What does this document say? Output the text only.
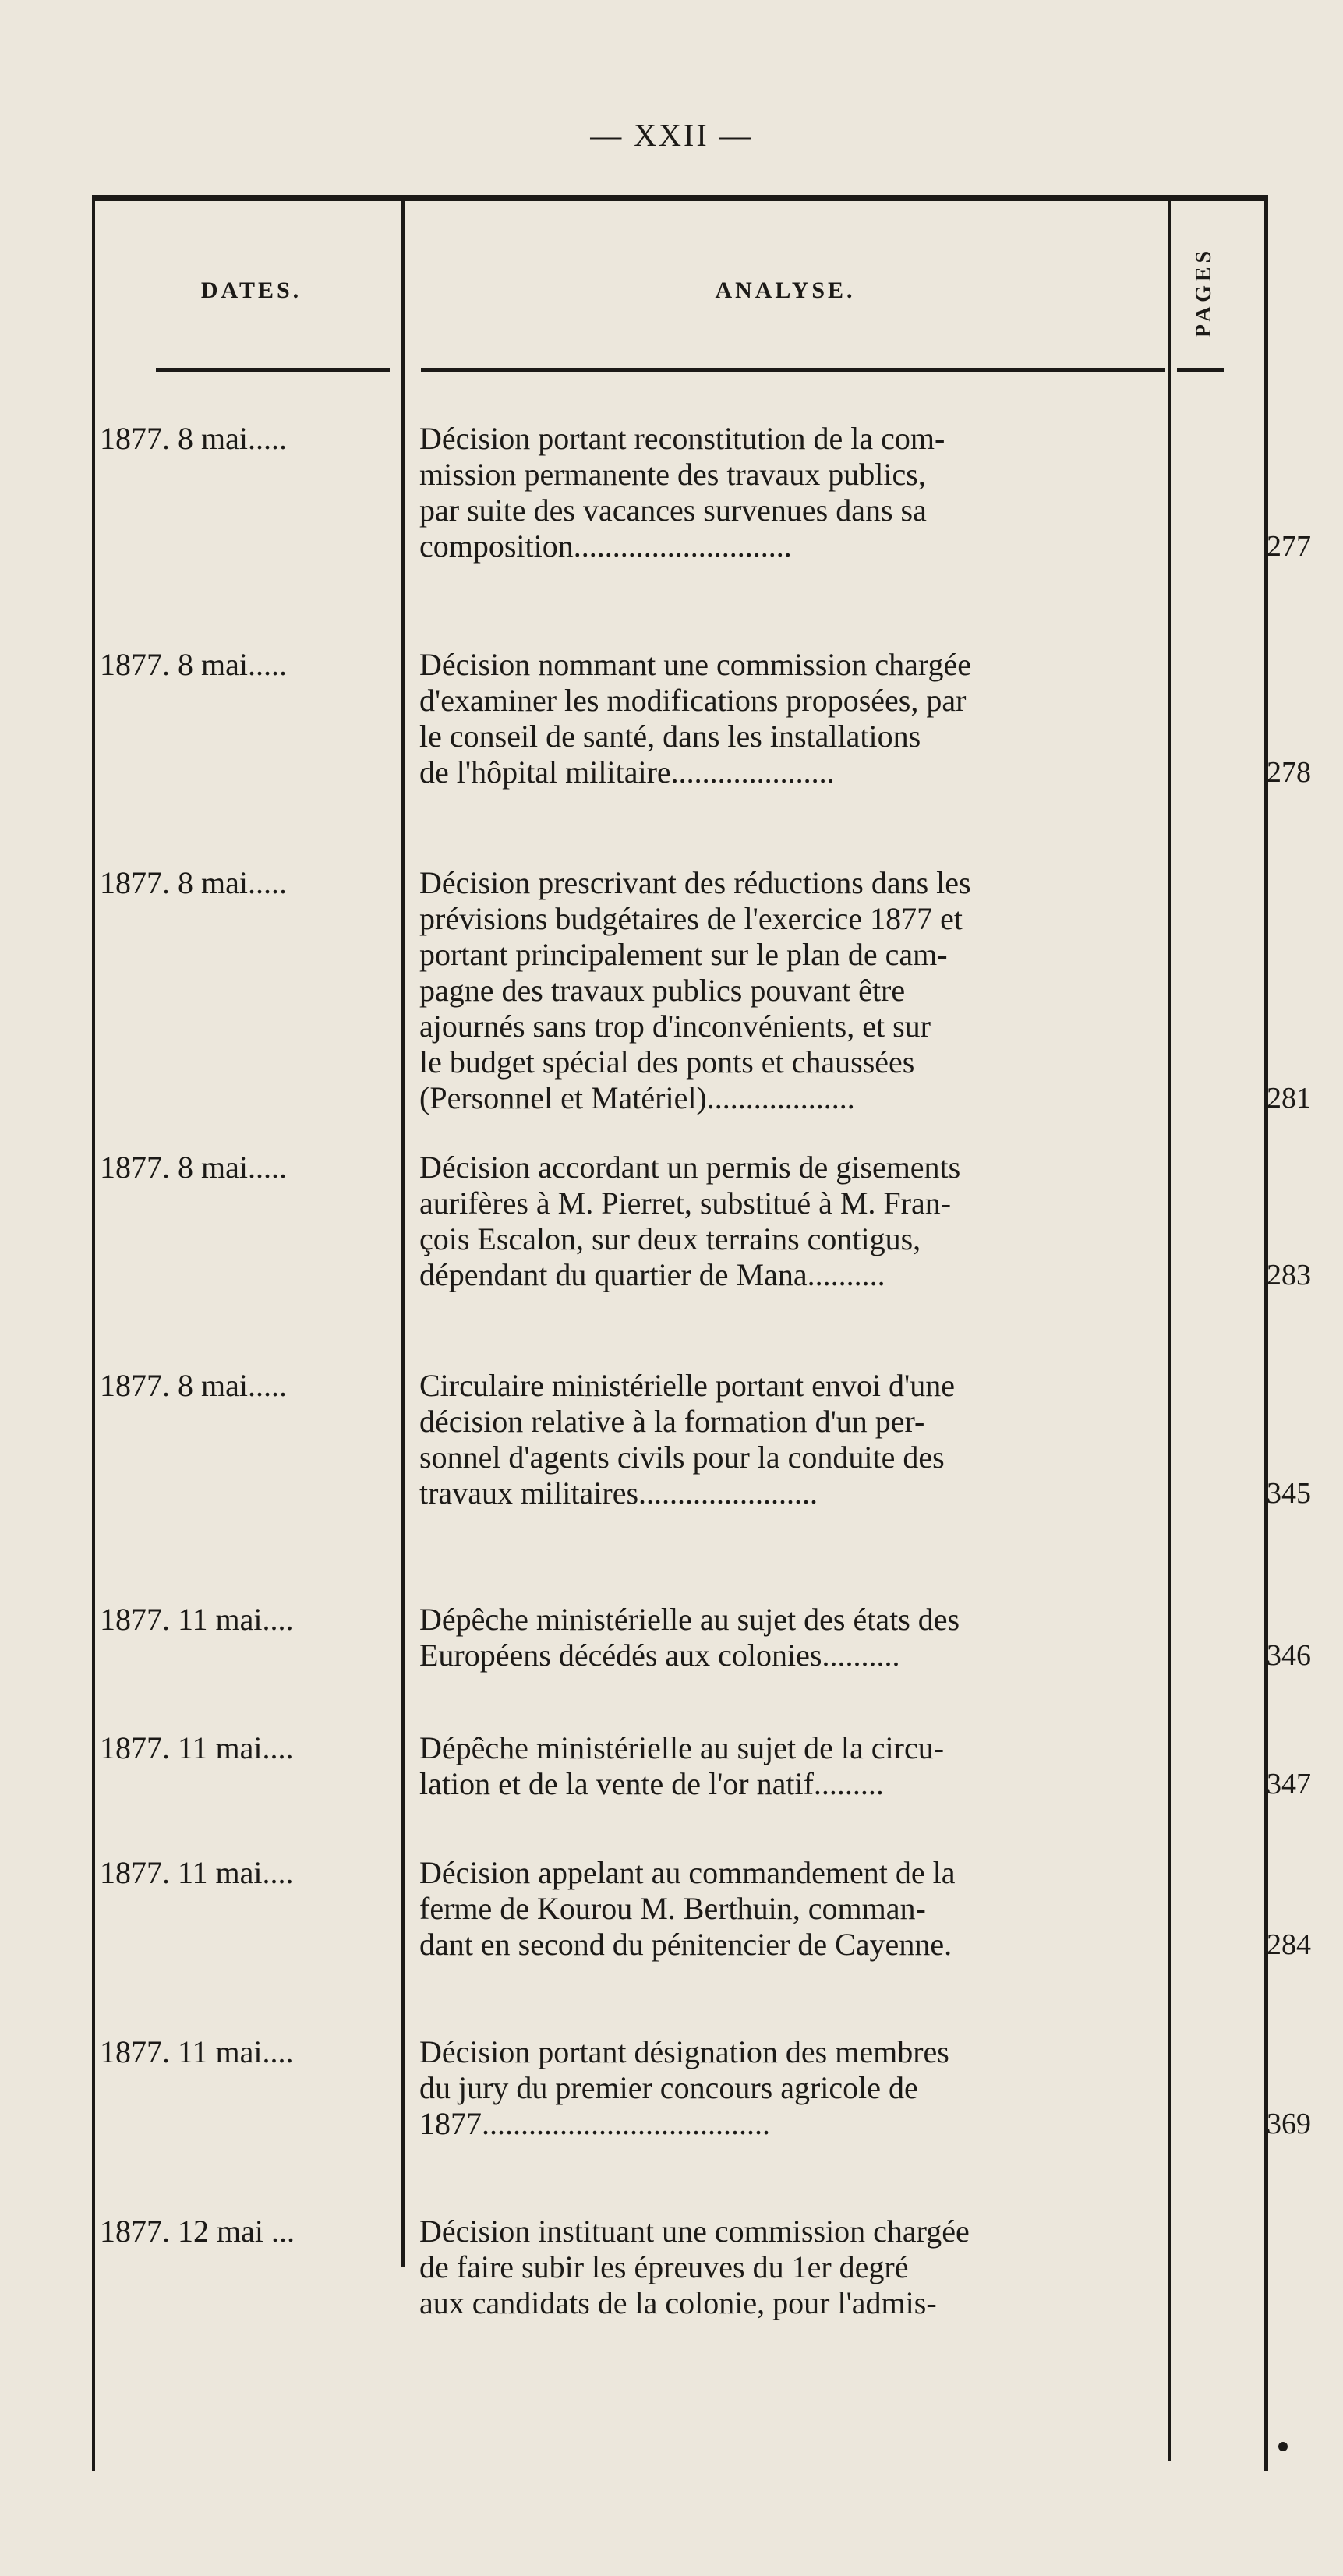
— XXII —
DATES.	ANALYSE.	PAGES
1877. 8 mai.....	Décision portant reconstitution de la com-
mission permanente des travaux publics,
par suite des vacances survenues dans sa
composition............................	277
1877. 8 mai.....	Décision nommant une commission chargée
d'examiner les modifications proposées, par
le conseil de santé, dans les installations
de l'hôpital militaire.....................	278
1877. 8 mai.....	Décision prescrivant des réductions dans les
prévisions budgétaires de l'exercice 1877 et
portant principalement sur le plan de cam-
pagne des travaux publics pouvant être
ajournés sans trop d'inconvénients, et sur
le budget spécial des ponts et chaussées
(Personnel et Matériel)...................	281
1877. 8 mai.....	Décision accordant un permis de gisements
aurifères à M. Pierret, substitué à M. Fran-
çois Escalon, sur deux terrains contigus,
dépendant du quartier de Mana..........	283
1877. 8 mai.....	Circulaire ministérielle portant envoi d'une
décision relative à la formation d'un per-
sonnel d'agents civils pour la conduite des
travaux militaires.......................	345
1877. 11 mai....	Dépêche ministérielle au sujet des états des
Européens décédés aux colonies..........	346
1877. 11 mai....	Dépêche ministérielle au sujet de la circu-
lation et de la vente de l'or natif.........	347
1877. 11 mai....	Décision appelant au commandement de la
ferme de Kourou M. Berthuin, comman-
dant en second du pénitencier de Cayenne.	284
1877. 11 mai....	Décision portant désignation des membres
du jury du premier concours agricole de
1877.....................................	369
1877. 12 mai ...	Décision instituant une commission chargée
de faire subir les épreuves du 1er degré
aux candidats de la colonie, pour l'admis-
